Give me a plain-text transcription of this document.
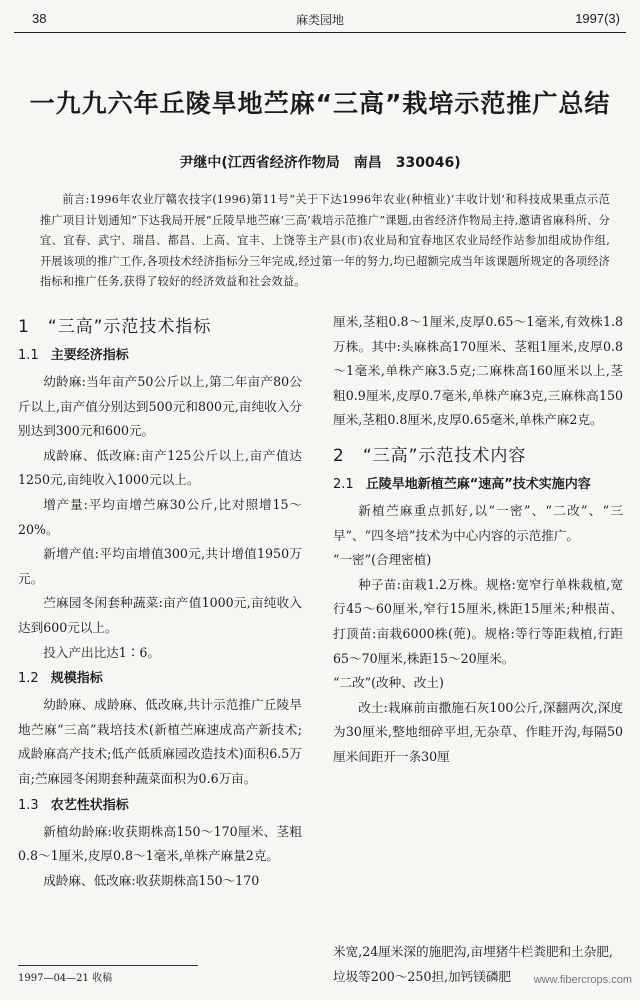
38	麻类园地	1997(3)
一九九六年丘陵旱地苎麻“三高”栽培示范推广总结
尹继中(江西省经济作物局　南昌　330046)
前言:1996年农业厅赣农技字(1996)第11号“关于下达1996年农业(种植业)‘丰收计划’和科技成果重点示范推广项目计划通知”下达我局开展“丘陵旱地苎麻‘三高’栽培示范推广”课题,由省经济作物局主持,邀请省麻科所、分宜、宜春、武宁、瑞昌、都昌、上高、宜丰、上饶等主产县(市)农业局和宜春地区农业局经作站参加组成协作组,开展该项的推广工作,各项技术经济指标分三年完成,经过第一年的努力,均已超额完成当年该课题所规定的各项经济指标和推广任务,获得了较好的经济效益和社会效益。
1　“三高”示范技术指标
1.1 主要经济指标

幼龄麻:当年亩产50公斤以上,第二年亩产80公斤以上,亩产值分别达到500元和800元,亩纯收入分别达到300元和600元。

成龄麻、低改麻:亩产125公斤以上,亩产值达1250元,亩纯收入1000元以上。

增产量:平均亩增苎麻30公斤,比对照增15～20%。

新增产值:平均亩增值300元,共计增值1950万元。

苎麻园冬闲套种蔬菜:亩产值1000元,亩纯收入达到600元以上。

投入产出比达1∶6。

1.2 规模指标

幼龄麻、成龄麻、低改麻,共计示范推广丘陵旱地苎麻“三高”栽培技术(新植苎麻速成高产新技术;成龄麻高产技术;低产低质麻园改造技术)面积6.5万亩;苎麻园冬闲期套种蔬菜面积为0.6万亩。

1.3 农艺性状指标

新植幼龄麻:收获期株高150～170厘米、茎粗0.8～1厘米,皮厚0.8～1毫米,单株产麻量2克。

成龄麻、低改麻:收获期株高150～170

厘米,茎粗0.8～1厘米,皮厚0.65～1毫米,有效株1.8万株。其中:头麻株高170厘米、茎粗1厘米,皮厚0.8～1毫米,单株产麻3.5克;二麻株高160厘米以上,茎粗0.9厘米,皮厚0.7毫米,单株产麻3克,三麻株高150厘米,茎粗0.8厘米,皮厚0.65毫米,单株产麻2克。

2　“三高”示范技术内容
2.1 丘陵旱地新植苎麻“速高”技术实施内容

新植苎麻重点抓好,以“一密”、“二改”、“三早”、“四冬培”技术为中心内容的示范推广。

“一密”(合理密植)

种子苗:亩栽1.2万株。规格:宽窄行单株栽植,宽行45～60厘米,窄行15厘米,株距15厘米;种根苗、打顶苗:亩栽6000株(蔸)。规格:等行等距栽植,行距65～70厘米,株距15～20厘米。

“二改”(改种、改土)

改土:栽麻前亩撒施石灰100公斤,深翻两次,深度为30厘米,整地细碎平坦,无杂草、作畦开沟,每隔50厘米间距开一条30厘

米宽,24厘米深的施肥沟,亩埋猪牛栏粪肥和土杂肥,垃圾等200～250担,加钙镁磷肥
1997—04—21 收稿	www.fibercrops.com
